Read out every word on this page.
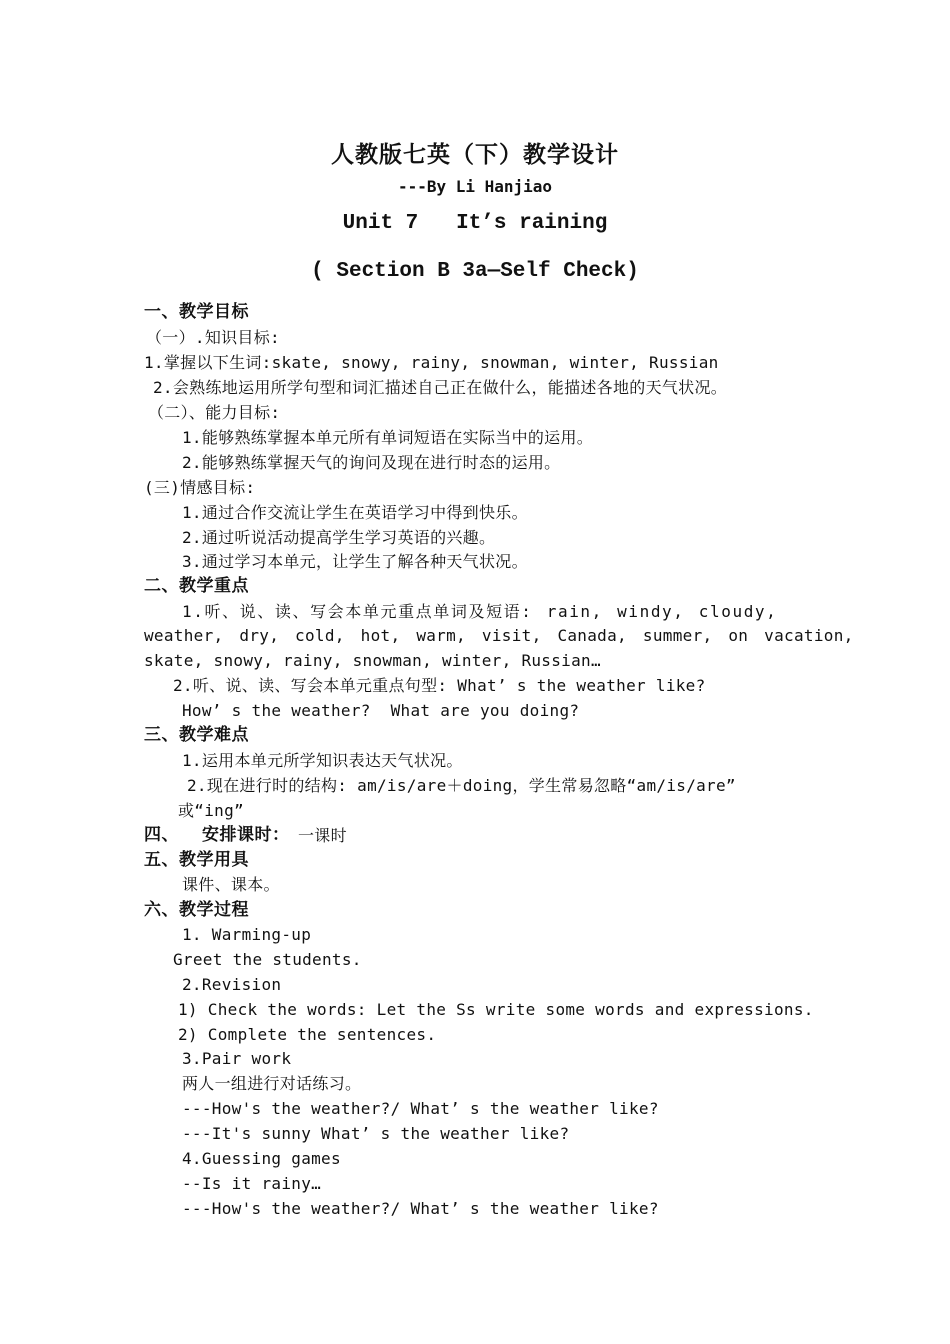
人教版七英（下）教学设计
---By Li Hanjiao
Unit 7   It’s raining
( Section B 3a—Self Check)
一、教学目标
（一）.知识目标:
1.掌握以下生词:skate, snowy, rainy, snowman, winter, Russian
2.会熟练地运用所学句型和词汇描述自己正在做什么，能描述各地的天气状况。
（二）、能力目标:
1.能够熟练掌握本单元所有单词短语在实际当中的运用。
2.能够熟练掌握天气的询问及现在进行时态的运用。
(三)情感目标:
1.通过合作交流让学生在英语学习中得到快乐。
2.通过听说活动提高学生学习英语的兴趣。
3.通过学习本单元，让学生了解各种天气状况。
二、教学重点
1.听、说、读、写会本单元重点单词及短语: rain, windy, cloudy,
weather, dry, cold, hot, warm, visit, Canada, summer, on vacation,
skate, snowy, rainy, snowman, winter, Russian…
2.听、说、读、写会本单元重点句型: What’ s the weather like?
How’ s the weather?  What are you doing?
三、教学难点
1.运用本单元所学知识表达天气状况。
2.现在进行时的结构: am/is/are＋doing，学生常易忽略“am/is/are”
或“ing”
四、 安排课时： 一课时
五、教学用具
课件、课本。
六、教学过程
1. Warming-up
Greet the students.
2.Revision
1) Check the words: Let the Ss write some words and expressions.
2) Complete the sentences.
3.Pair work
两人一组进行对话练习。
---How's the weather?/ What’ s the weather like?
---It's sunny What’ s the weather like?
4.Guessing games
--Is it rainy…
---How's the weather?/ What’ s the weather like?
